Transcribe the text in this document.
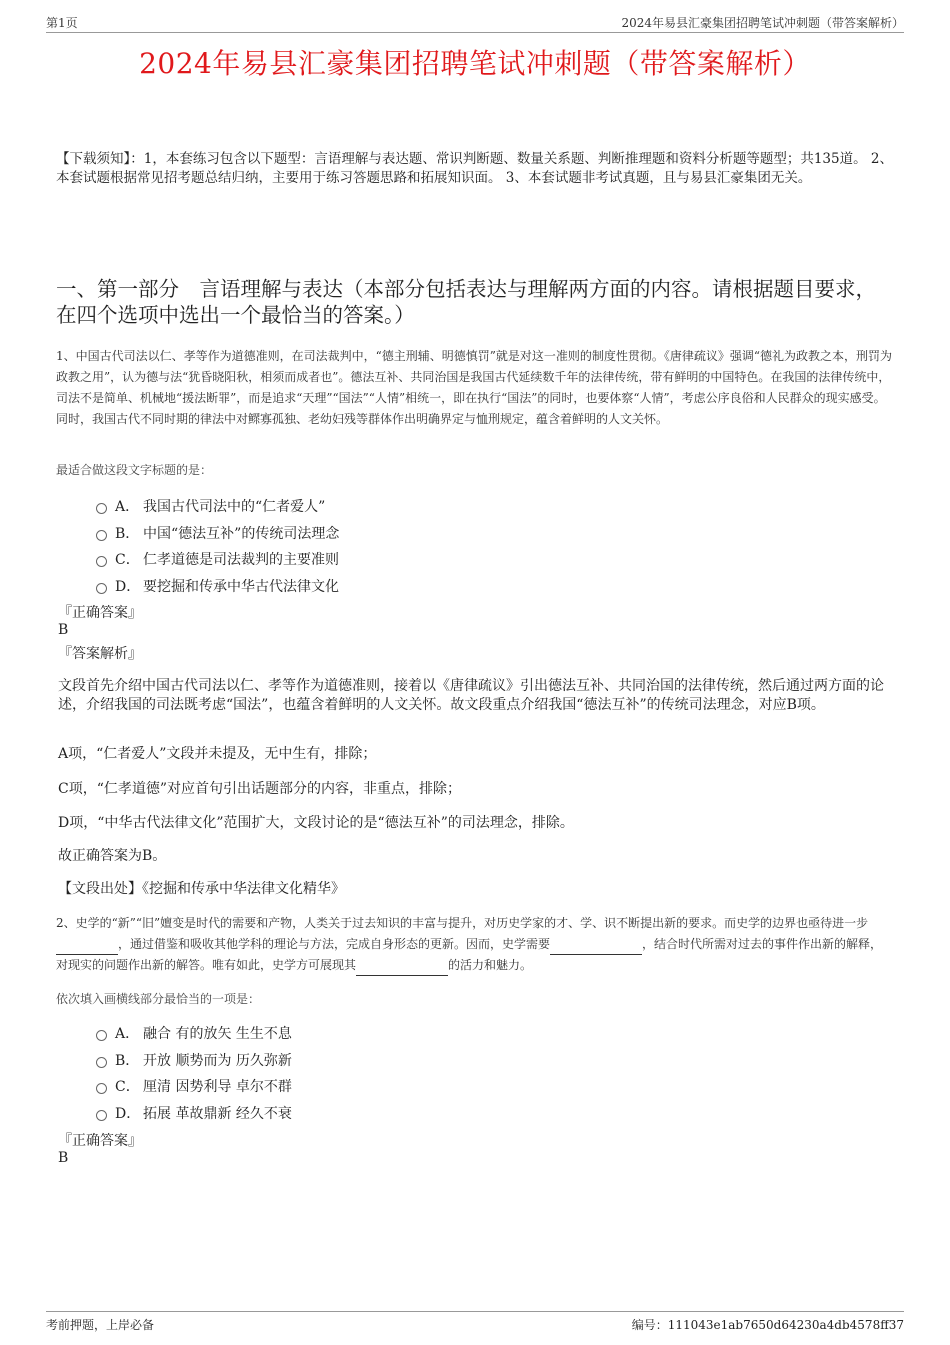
第1页	2024年易县汇豪集团招聘笔试冲刺题（带答案解析）
2024年易县汇豪集团招聘笔试冲刺题（带答案解析）
【下载须知】：1，本套练习包含以下题型：言语理解与表达题、常识判断题、数量关系题、判断推理题和资料分析题等题型；共135道。 2、本套试题根据常见招考题总结归纳，主要用于练习答题思路和拓展知识面。 3、本套试题非考试真题，且与易县汇豪集团无关。
一、第一部分　言语理解与表达（本部分包括表达与理解两方面的内容。请根据题目要求，在四个选项中选出一个最恰当的答案。）
1、中国古代司法以仁、孝等作为道德准则，在司法裁判中，“德主刑辅、明德慎罚”就是对这一准则的制度性贯彻。《唐律疏议》强调“德礼为政教之本，刑罚为政教之用”，认为德与法“犹昏晓阳秋，相须而成者也”。德法互补、共同治国是我国古代延续数千年的法律传统，带有鲜明的中国特色。在我国的法律传统中，司法不是简单、机械地“援法断罪”，而是追求“天理”“国法”“人情”相统一，即在执行“国法”的同时，也要体察“人情”，考虑公序良俗和人民群众的现实感受。同时，我国古代不同时期的律法中对鳏寡孤独、老幼妇残等群体作出明确界定与恤刑规定，蕴含着鲜明的人文关怀。
最适合做这段文字标题的是：
A． 我国古代司法中的“仁者爱人”
B． 中国“德法互补”的传统司法理念
C． 仁孝道德是司法裁判的主要准则
D． 要挖掘和传承中华古代法律文化
『正确答案』
B
『答案解析』
文段首先介绍中国古代司法以仁、孝等作为道德准则，接着以《唐律疏议》引出德法互补、共同治国的法律传统，然后通过两方面的论述，介绍我国的司法既考虑“国法”，也蕴含着鲜明的人文关怀。故文段重点介绍我国“德法互补”的传统司法理念，对应B项。
A项，“仁者爱人”文段并未提及，无中生有，排除；
C项，“仁孝道德”对应首句引出话题部分的内容，非重点，排除；
D项，“中华古代法律文化”范围扩大，文段讨论的是“德法互补”的司法理念，排除。
故正确答案为B。
【文段出处】《挖掘和传承中华法律文化精华》
2、史学的“新”“旧”嬗变是时代的需要和产物，人类关于过去知识的丰富与提升，对历史学家的才、学、识不断提出新的要求。而史学的边界也亟待进一步，通过借鉴和吸收其他学科的理论与方法，完成自身形态的更新。因而，史学需要	，结合时代所需对过去的事件作出新的解释，对现实的问题作出新的解答。唯有如此，史学方可展现其	的活力和魅力。
依次填入画横线部分最恰当的一项是：
A． 融合 有的放矢 生生不息
B． 开放 顺势而为 历久弥新
C． 厘清 因势利导 卓尔不群
D． 拓展 革故鼎新 经久不衰
『正确答案』
B
考前押题，上岸必备	编号：111043e1ab7650d64230a4db4578ff37
